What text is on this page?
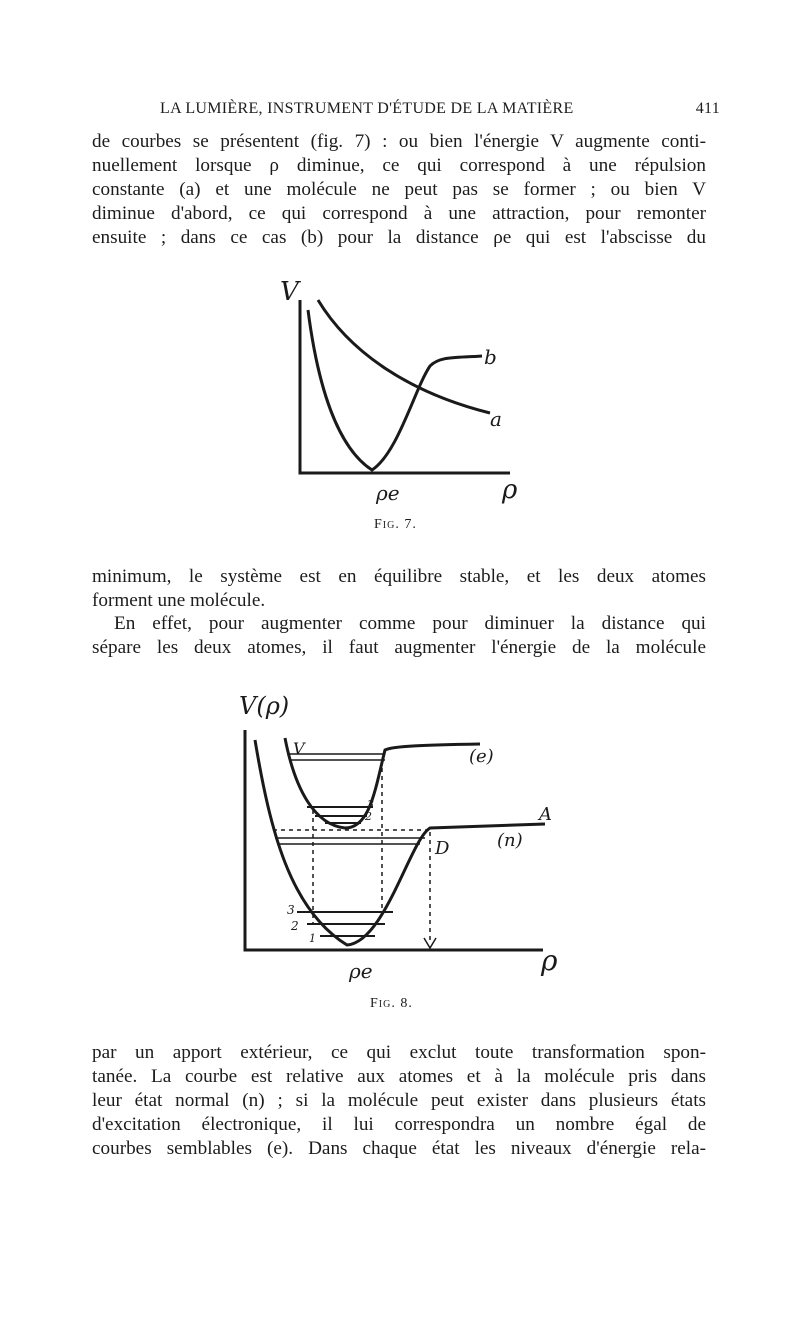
LA LUMIÈRE, INSTRUMENT D'ÉTUDE DE LA MATIÈRE	411
de courbes se présentent (fig. 7) : ou bien l'énergie V augmente conti-
nuellement lorsque ρ diminue, ce qui correspond à une répulsion
constante (a) et une molécule ne peut pas se former ; ou bien V
diminue d'abord, ce qui correspond à une attraction, pour remonter
ensuite ; dans ce cas (b) pour la distance ρe qui est l'abscisse du
V
ρ
ρe
b
a
Fig. 7.
minimum, le système est en équilibre stable, et les deux atomes
forment une molécule.
En effet, pour augmenter comme pour diminuer la distance qui
sépare les deux atomes, il faut augmenter l'énergie de la molécule
V(ρ)
ρ
ρe
(e)
(n)
V
D
A
3
2
3
2
1
Fig. 8.
par un apport extérieur, ce qui exclut toute transformation spon-
tanée. La courbe est relative aux atomes et à la molécule pris dans
leur état normal (n) ; si la molécule peut exister dans plusieurs états
d'excitation électronique, il lui correspondra un nombre égal de
courbes semblables (e). Dans chaque état les niveaux d'énergie rela-
